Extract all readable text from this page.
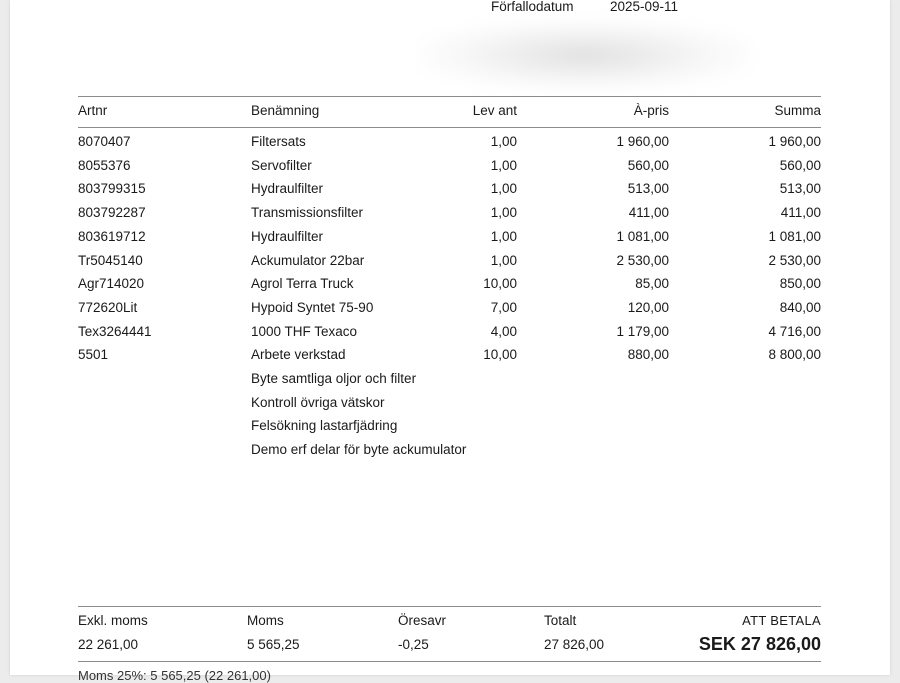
Förfallodatum	2025-09-11
Artnr	Benämning	Lev ant	À-pris	Summa
8070407	Filtersats	1,00	1 960,00	1 960,00
8055376	Servofilter	1,00	560,00	560,00
803799315	Hydraulfilter	1,00	513,00	513,00
803792287	Transmissionsfilter	1,00	411,00	411,00
803619712	Hydraulfilter	1,00	1 081,00	1 081,00
Tr5045140	Ackumulator 22bar	1,00	2 530,00	2 530,00
Agr714020	Agrol Terra Truck	10,00	85,00	850,00
772620Lit	Hypoid Syntet 75-90	7,00	120,00	840,00
Tex3264441	1000 THF Texaco	4,00	1 179,00	4 716,00
5501	Arbete verkstad	10,00	880,00	8 800,00
Byte samtliga oljor och filter
Kontroll övriga vätskor
Felsökning lastarfjädring
Demo erf delar för byte ackumulator
Exkl. moms	Moms	Öresavr	Totalt	ATT BETALA
22 261,00	5 565,25	-0,25	27 826,00	SEK 27 826,00
Moms 25%: 5 565,25 (22 261,00)
